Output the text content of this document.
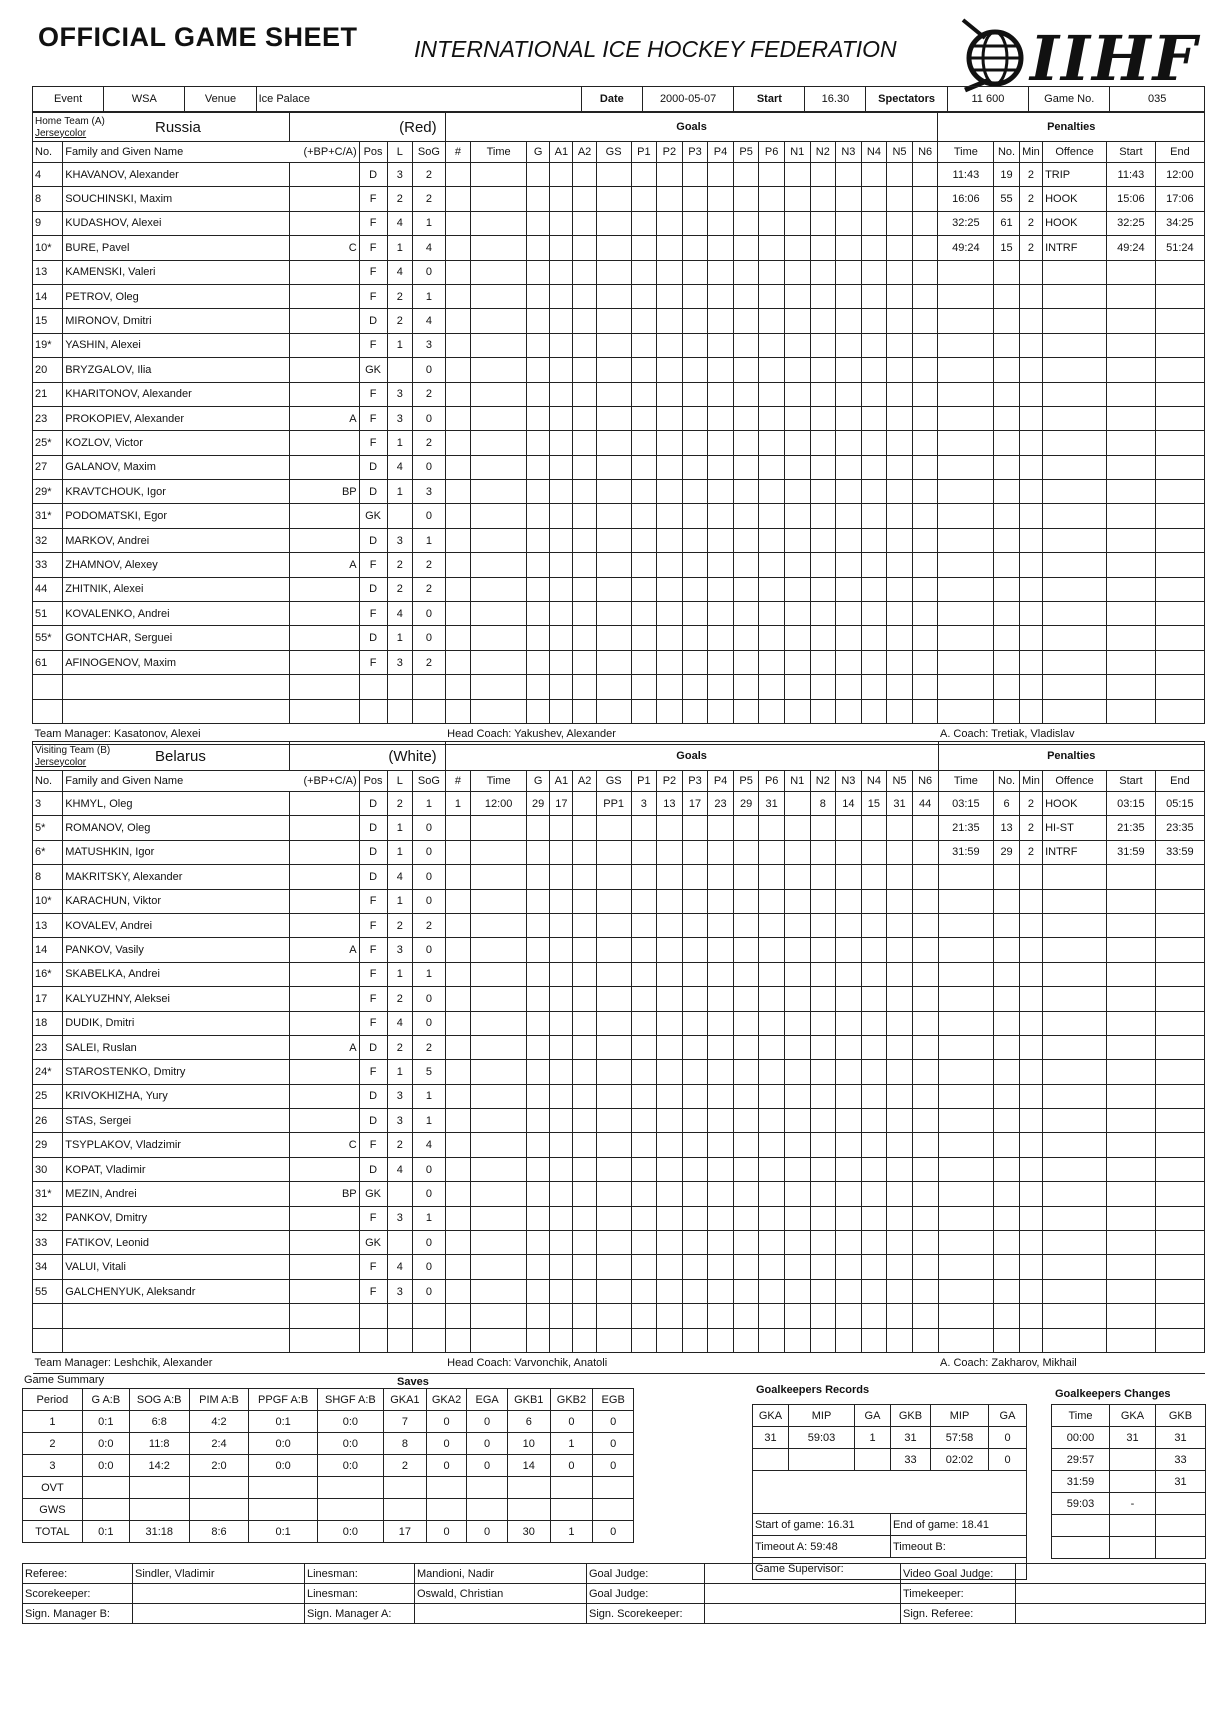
OFFICIAL GAME SHEET INTERNATIONAL ICE HOCKEY FEDERATION IIHF
Event	WSA	Venue	Ice Palace	Date	2000-05-07	Start	16.30	Spectators	11 600	Game No.	035
Home Team (A)
Jerseycolor Russia		(Red)				Goals																		Penalties					
No.	Family and Given Name (+BP+C/A)		Pos	L	SoG	#	Time	G	A1	A2	GS	P1	P2	P3	P4	P5	P6	N1	N2	N3	N4	N5	N6	Time	No.	Min	Offence	Start	End
4	KHAVANOV, Alexander		D	3	2																			11:43	19	2	TRIP	11:43	12:00
8	SOUCHINSKI, Maxim		F	2	2																			16:06	55	2	HOOK	15:06	17:06
9	KUDASHOV, Alexei		F	4	1																			32:25	61	2	HOOK	32:25	34:25
10*	BURE, Pavel	C	F	1	4																			49:24	15	2	INTRF	49:24	51:24
13	KAMENSKI, Valeri		F	4	0																								
14	PETROV, Oleg		F	2	1																								
15	MIRONOV, Dmitri		D	2	4																								
19*	YASHIN, Alexei		F	1	3																								
20	BRYZGALOV, Ilia		GK		0																								
21	KHARITONOV, Alexander		F	3	2																								
23	PROKOPIEV, Alexander	A	F	3	0																								
25*	KOZLOV, Victor		F	1	2																								
27	GALANOV, Maxim		D	4	0																								
29*	KRAVTCHOUK, Igor	BP	D	1	3																								
31*	PODOMATSKI, Egor		GK		0																								
32	MARKOV, Andrei		D	3	1																								
33	ZHAMNOV, Alexey	A	F	2	2																								
44	ZHITNIK, Alexei		D	2	2																								
51	KOVALENKO, Andrei		F	4	0																								
55*	GONTCHAR, Serguei		D	1	0																								
61	AFINOGENOV, Maxim		F	3	2																								

Team Manager: Kasatonov, Alexei						Head Coach: Yakushev, Alexander																		A. Coach: Tretiak, Vladislav					
Visiting Team (B)
Jerseycolor Belarus		(White)				Goals																		Penalties					
No.	Family and Given Name (+BP+C/A)		Pos	L	SoG	#	Time	G	A1	A2	GS	P1	P2	P3	P4	P5	P6	N1	N2	N3	N4	N5	N6	Time	No.	Min	Offence	Start	End
3	KHMYL, Oleg		D	2	1	1	12:00	29	17		PP1	3	13	17	23	29	31		8	14	15	31	44	03:15	6	2	HOOK	03:15	05:15
5*	ROMANOV, Oleg		D	1	0																			21:35	13	2	HI-ST	21:35	23:35
6*	MATUSHKIN, Igor		D	1	0																			31:59	29	2	INTRF	31:59	33:59
8	MAKRITSKY, Alexander		D	4	0																								
10*	KARACHUN, Viktor		F	1	0																								
13	KOVALEV, Andrei		F	2	2																								
14	PANKOV, Vasily	A	F	3	0																								
16*	SKABELKA, Andrei		F	1	1																								
17	KALYUZHNY, Aleksei		F	2	0																								
18	DUDIK, Dmitri		F	4	0																								
23	SALEI, Ruslan	A	D	2	2																								
24*	STAROSTENKO, Dmitry		F	1	5																								
25	KRIVOKHIZHA, Yury		D	3	1																								
26	STAS, Sergei		D	3	1																								
29	TSYPLAKOV, Vladzimir	C	F	2	4																								
30	KOPAT, Vladimir		D	4	0																								
31*	MEZIN, Andrei	BP	GK		0																								
32	PANKOV, Dmitry		F	3	1																								
33	FATIKOV, Leonid		GK		0																								
34	VALUI, Vitali		F	4	0																								
55	GALCHENYUK, Aleksandr		F	3	0																								

Team Manager: Leshchik, Alexander						Head Coach: Varvonchik, Anatoli																		A. Coach: Zakharov, Mikhail					
Game Summary	Saves
Period	G A:B	SOG A:B	PIM A:B	PPGF A:B	SHGF A:B	GKA1	GKA2	EGA	GKB1	GKB2	EGB
1	0:1	6:8	4:2	0:1	0:0	7	0	0	6	0	0
2	0:0	11:8	2:4	0:0	0:0	8	0	0	10	1	0
3	0:0	14:2	2:0	0:0	0:0	2	0	0	14	0	0
OVT											
GWS											
TOTAL	0:1	31:18	8:6	0:1	0:0	17	0	0	30	1	0
Goalkeepers Records
GKA	MIP	GA	GKB	MIP	GA
31	59:03	1	31	57:58	0
			33	02:02	0

Start of game: 16.31			End of game: 18.41		
Timeout A: 59:48			Timeout B:		
Game Supervisor:					
Goalkeepers Changes
Time	GKA	GKB
00:00	31	31
29:57		33
31:59		31
59:03	-	

Referee:	Sindler, Vladimir	Linesman:	Mandioni, Nadir	Goal Judge:		Video Goal Judge:	
Scorekeeper:		Linesman:	Oswald, Christian	Goal Judge:		Timekeeper:	
Sign. Manager B:		Sign. Manager A:		Sign. Scorekeeper:		Sign. Referee:	
